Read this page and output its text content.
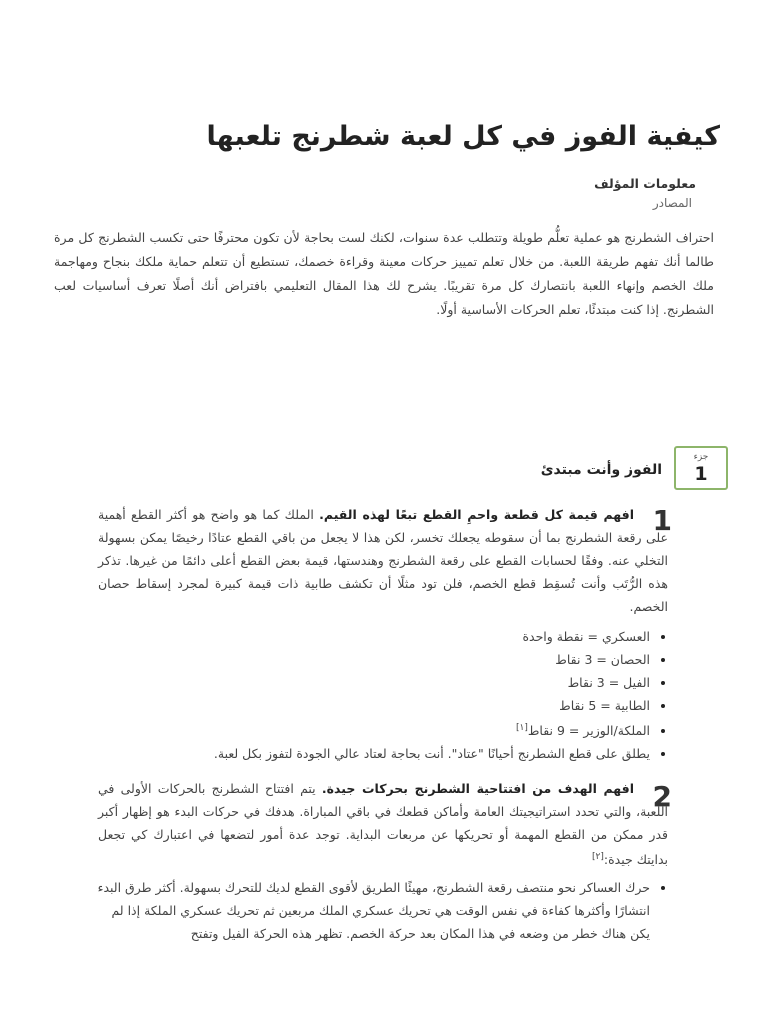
كيفية الفوز في كل لعبة شطرنج تلعبها
معلومات المؤلف
المصادر

احتراف الشطرنج هو عملية تعلُّم طويلة وتتطلب عدة سنوات، لكنك لست بحاجة لأن تكون محترفًا حتى تكسب الشطرنج كل مرة طالما أنك تفهم طريقة اللعبة. من خلال تعلم تمييز حركات معينة وقراءة خصمك، تستطيع أن تتعلم حماية ملكك بنجاح ومهاجمة ملك الخصم وإنهاء اللعبة بانتصارك كل مرة تقريبًا. يشرح لك هذا المقال التعليمي بافتراض أنك أصلًا تعرف أساسيات لعب الشطرنج. إذا كنت مبتدئًا، تعلم الحركات الأساسية أولًا.

جزء
1
الفوز وأنت مبتدئ
1

افهم قيمة كل قطعة واحمِ القطع تبعًا لهذه القيم. الملك كما هو واضح هو أكثر القطع أهمية على رقعة الشطرنج بما أن سقوطه يجعلك تخسر، لكن هذا لا يجعل من باقي القطع عتادًا رخيصًا يمكن بسهولة التخلي عنه. وفقًا لحسابات القطع على رقعة الشطرنج وهندستها، قيمة بعض القطع أعلى دائمًا من غيرها. تذكر هذه الرُّتَب وأنت تُسقِط قطع الخصم، فلن تود مثلًا أن تكشف طابية ذات قيمة كبيرة لمجرد إسقاط حصان الخصم.

• العسكري = نقطة واحدة
• الحصان = 3 نقاط
• الفيل = 3 نقاط
• الطابية = 5 نقاط
• الملكة/الوزير = 9 نقاط[١]
• يطلق على قطع الشطرنج أحيانًا "عتاد". أنت بحاجة لعتاد عالي الجودة لتفوز بكل لعبة.
2

افهم الهدف من افتتاحية الشطرنج بحركات جيدة. يتم افتتاح الشطرنج بالحركات الأولى في اللعبة، والتي تحدد استراتيجيتك العامة وأماكن قطعك في باقي المباراة. هدفك في حركات البدء هو إظهار أكبر قدر ممكن من القطع المهمة أو تحريكها عن مربعات البداية. توجد عدة أمور لتضعها في اعتبارك كي تجعل بدايتك جيدة:[٢]

• حرك العساكر نحو منتصف رقعة الشطرنج، مهيئًا الطريق لأقوى القطع لديك للتحرك بسهولة. أكثر طرق البدء انتشارًا وأكثرها كفاءة في نفس الوقت هي تحريك عسكري الملك مربعين ثم تحريك عسكري الملكة إذا لم يكن هناك خطر من وضعه في هذا المكان بعد حركة الخصم. تظهر هذه الحركة الفيل وتفتح
